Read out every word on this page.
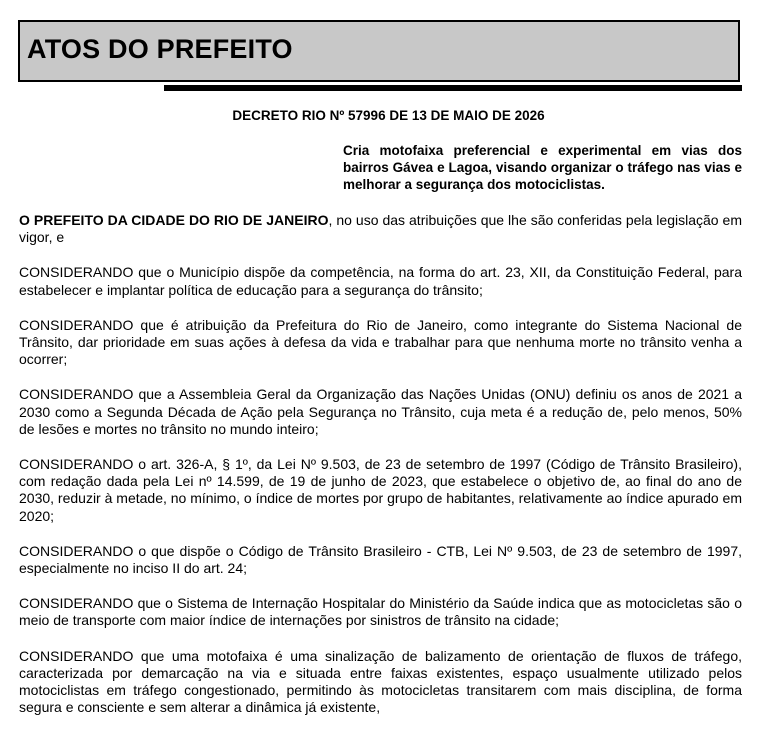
ATOS DO PREFEITO
DECRETO RIO Nº 57996 DE 13 DE MAIO DE 2026
Cria motofaixa preferencial e experimental em vias dos bairros Gávea e Lagoa, visando organizar o tráfego nas vias e melhorar a segurança dos motociclistas.

O PREFEITO DA CIDADE DO RIO DE JANEIRO, no uso das atribuições que lhe são conferidas pela legislação em vigor, e

CONSIDERANDO que o Município dispõe da competência, na forma do art. 23, XII, da Constituição Federal, para estabelecer e implantar política de educação para a segurança do trânsito;

CONSIDERANDO que é atribuição da Prefeitura do Rio de Janeiro, como integrante do Sistema Nacional de Trânsito, dar prioridade em suas ações à defesa da vida e trabalhar para que nenhuma morte no trânsito venha a ocorrer;

CONSIDERANDO que a Assembleia Geral da Organização das Nações Unidas (ONU) definiu os anos de 2021 a 2030 como a Segunda Década de Ação pela Segurança no Trânsito, cuja meta é a redução de, pelo menos, 50% de lesões e mortes no trânsito no mundo inteiro;

CONSIDERANDO o art. 326-A, § 1º, da Lei Nº 9.503, de 23 de setembro de 1997 (Código de Trânsito Brasileiro), com redação dada pela Lei nº 14.599, de 19 de junho de 2023, que estabelece o objetivo de, ao final do ano de 2030, reduzir à metade, no mínimo, o índice de mortes por grupo de habitantes, relativamente ao índice apurado em 2020;

CONSIDERANDO o que dispõe o Código de Trânsito Brasileiro - CTB, Lei Nº 9.503, de 23 de setembro de 1997, especialmente no inciso II do art. 24;

CONSIDERANDO que o Sistema de Internação Hospitalar do Ministério da Saúde indica que as motocicletas são o meio de transporte com maior índice de internações por sinistros de trânsito na cidade;

CONSIDERANDO que uma motofaixa é uma sinalização de balizamento de orientação de fluxos de tráfego, caracterizada por demarcação na via e situada entre faixas existentes, espaço usualmente utilizado pelos motociclistas em tráfego congestionado, permitindo às motocicletas transitarem com mais disciplina, de forma segura e consciente e sem alterar a dinâmica já existente,
